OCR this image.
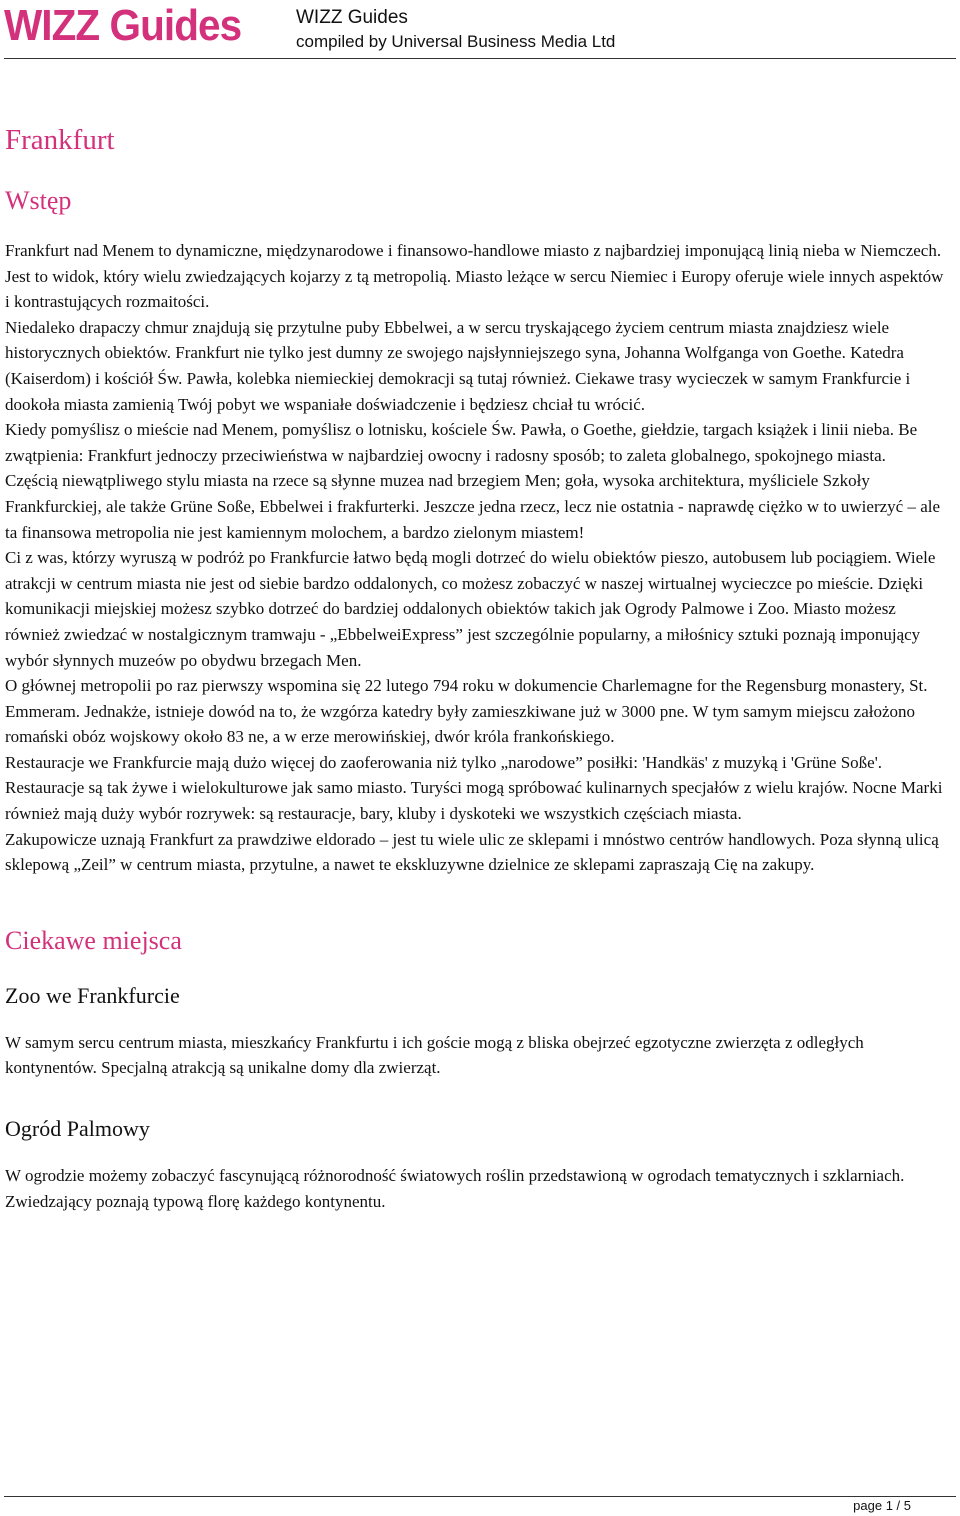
WIZZ Guides	WIZZ Guides
compiled by Universal Business Media Ltd
Frankfurt
Wstęp

Frankfurt nad Menem to dynamiczne, międzynarodowe i finansowo-handlowe miasto z najbardziej imponującą linią nieba w Niemczech. Jest to widok, który wielu zwiedzających kojarzy z tą metropolią. Miasto leżące w sercu Niemiec i Europy oferuje wiele innych aspektów i kontrastujących rozmaitości.

Niedaleko drapaczy chmur znajdują się przytulne puby Ebbelwei, a w sercu tryskającego życiem centrum miasta znajdziesz wiele historycznych obiektów. Frankfurt nie tylko jest dumny ze swojego najsłynniejszego syna, Johanna Wolfganga von Goethe. Katedra (Kaiserdom) i kościół Św. Pawła, kolebka niemieckiej demokracji są tutaj również. Ciekawe trasy wycieczek w samym Frankfurcie i dookoła miasta zamienią Twój pobyt we wspaniałe doświadczenie i będziesz chciał tu wrócić.

Kiedy pomyślisz o mieście nad Menem, pomyślisz o lotnisku, kościele Św. Pawła, o Goethe, giełdzie, targach książek i linii nieba. Be zwątpienia: Frankfurt jednoczy przeciwieństwa w najbardziej owocny i radosny sposób; to zaleta globalnego, spokojnego miasta.

Częścią niewątpliwego stylu miasta na rzece są słynne muzea nad brzegiem Men; goła, wysoka architektura, myśliciele Szkoły Frankfurckiej, ale także Grüne Soße, Ebbelwei i frakfurterki. Jeszcze jedna rzecz, lecz nie ostatnia - naprawdę ciężko w to uwierzyć – ale ta finansowa metropolia nie jest kamiennym molochem, a bardzo zielonym miastem!

Ci z was, którzy wyruszą w podróż po Frankfurcie łatwo będą mogli dotrzeć do wielu obiektów pieszo, autobusem lub pociągiem. Wiele atrakcji w centrum miasta nie jest od siebie bardzo oddalonych, co możesz zobaczyć w naszej wirtualnej wycieczce po mieście. Dzięki komunikacji miejskiej możesz szybko dotrzeć do bardziej oddalonych obiektów takich jak Ogrody Palmowe i Zoo. Miasto możesz również zwiedzać w nostalgicznym tramwaju - „EbbelweiExpress” jest szczególnie popularny, a miłośnicy sztuki poznają imponujący wybór słynnych muzeów po obydwu brzegach Men.

O głównej metropolii po raz pierwszy wspomina się 22 lutego 794 roku w dokumencie Charlemagne for the Regensburg monastery, St. Emmeram. Jednakże, istnieje dowód na to, że wzgórza katedry były zamieszkiwane już w 3000 pne. W tym samym miejscu założono romański obóz wojskowy około 83 ne, a w erze merowińskiej, dwór króla frankońskiego.

Restauracje we Frankfurcie mają dużo więcej do zaoferowania niż tylko „narodowe” posiłki: 'Handkäs' z muzyką i 'Grüne Soße'. Restauracje są tak żywe i wielokulturowe jak samo miasto. Turyści mogą spróbować kulinarnych specjałów z wielu krajów. Nocne Marki również mają duży wybór rozrywek: są restauracje, bary, kluby i dyskoteki we wszystkich częściach miasta.

Zakupowicze uznają Frankfurt za prawdziwe eldorado – jest tu wiele ulic ze sklepami i mnóstwo centrów handlowych. Poza słynną ulicą sklepową „Zeil” w centrum miasta, przytulne, a nawet te ekskluzywne dzielnice ze sklepami zapraszają Cię na zakupy.

Ciekawe miejsca
Zoo we Frankfurcie

W samym sercu centrum miasta, mieszkańcy Frankfurtu i ich goście mogą z bliska obejrzeć egzotyczne zwierzęta z odległych kontynentów. Specjalną atrakcją są unikalne domy dla zwierząt.

Ogród Palmowy

W ogrodzie możemy zobaczyć fascynującą różnorodność światowych roślin przedstawioną w ogrodach tematycznych i szklarniach. Zwiedzający poznają typową florę każdego kontynentu.

page 1 / 5
